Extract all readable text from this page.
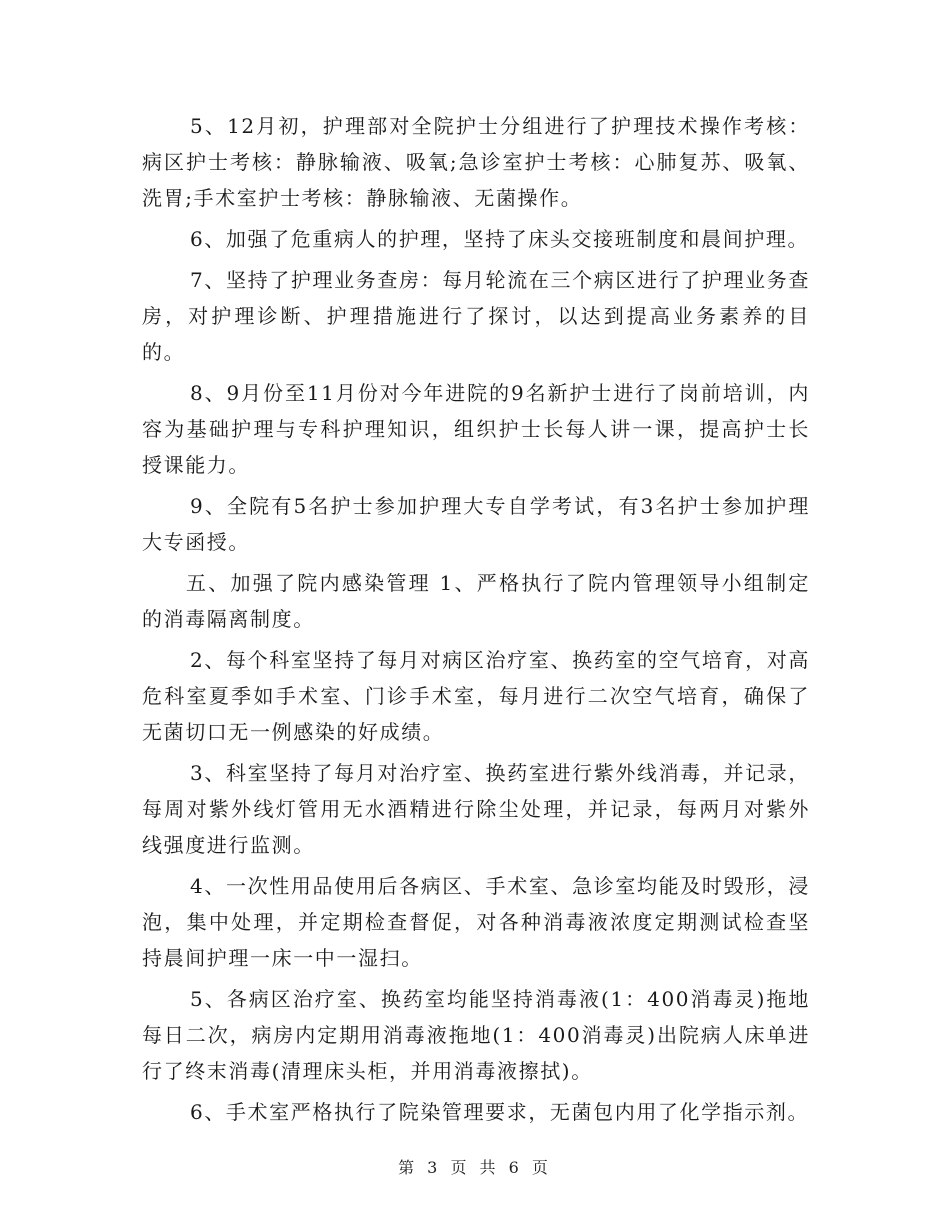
5、12月初，护理部对全院护士分组进行了护理技术操作考核：病区护士考核：静脉输液、吸氧;急诊室护士考核：心肺复苏、吸氧、洗胃;手术室护士考核：静脉输液、无菌操作。

6、加强了危重病人的护理，坚持了床头交接班制度和晨间护理。

7、坚持了护理业务查房：每月轮流在三个病区进行了护理业务查房，对护理诊断、护理措施进行了探讨，以达到提高业务素养的目的。

8、9月份至11月份对今年进院的9名新护士进行了岗前培训，内容为基础护理与专科护理知识，组织护士长每人讲一课，提高护士长授课能力。

9、全院有5名护士参加护理大专自学考试，有3名护士参加护理大专函授。

五、加强了院内感染管理 1、严格执行了院内管理领导小组制定的消毒隔离制度。

2、每个科室坚持了每月对病区治疗室、换药室的空气培育，对高危科室夏季如手术室、门诊手术室，每月进行二次空气培育，确保了无菌切口无一例感染的好成绩。

3、科室坚持了每月对治疗室、换药室进行紫外线消毒，并记录，每周对紫外线灯管用无水酒精进行除尘处理，并记录，每两月对紫外线强度进行监测。

4、一次性用品使用后各病区、手术室、急诊室均能及时毁形，浸泡，集中处理，并定期检查督促，对各种消毒液浓度定期测试检查坚持晨间护理一床一中一湿扫。

5、各病区治疗室、换药室均能坚持消毒液(1：400消毒灵)拖地每日二次，病房内定期用消毒液拖地(1：400消毒灵)出院病人床单进行了终末消毒(清理床头柜，并用消毒液擦拭)。

6、手术室严格执行了院染管理要求，无菌包内用了化学指示剂。

第 3 页 共 6 页
